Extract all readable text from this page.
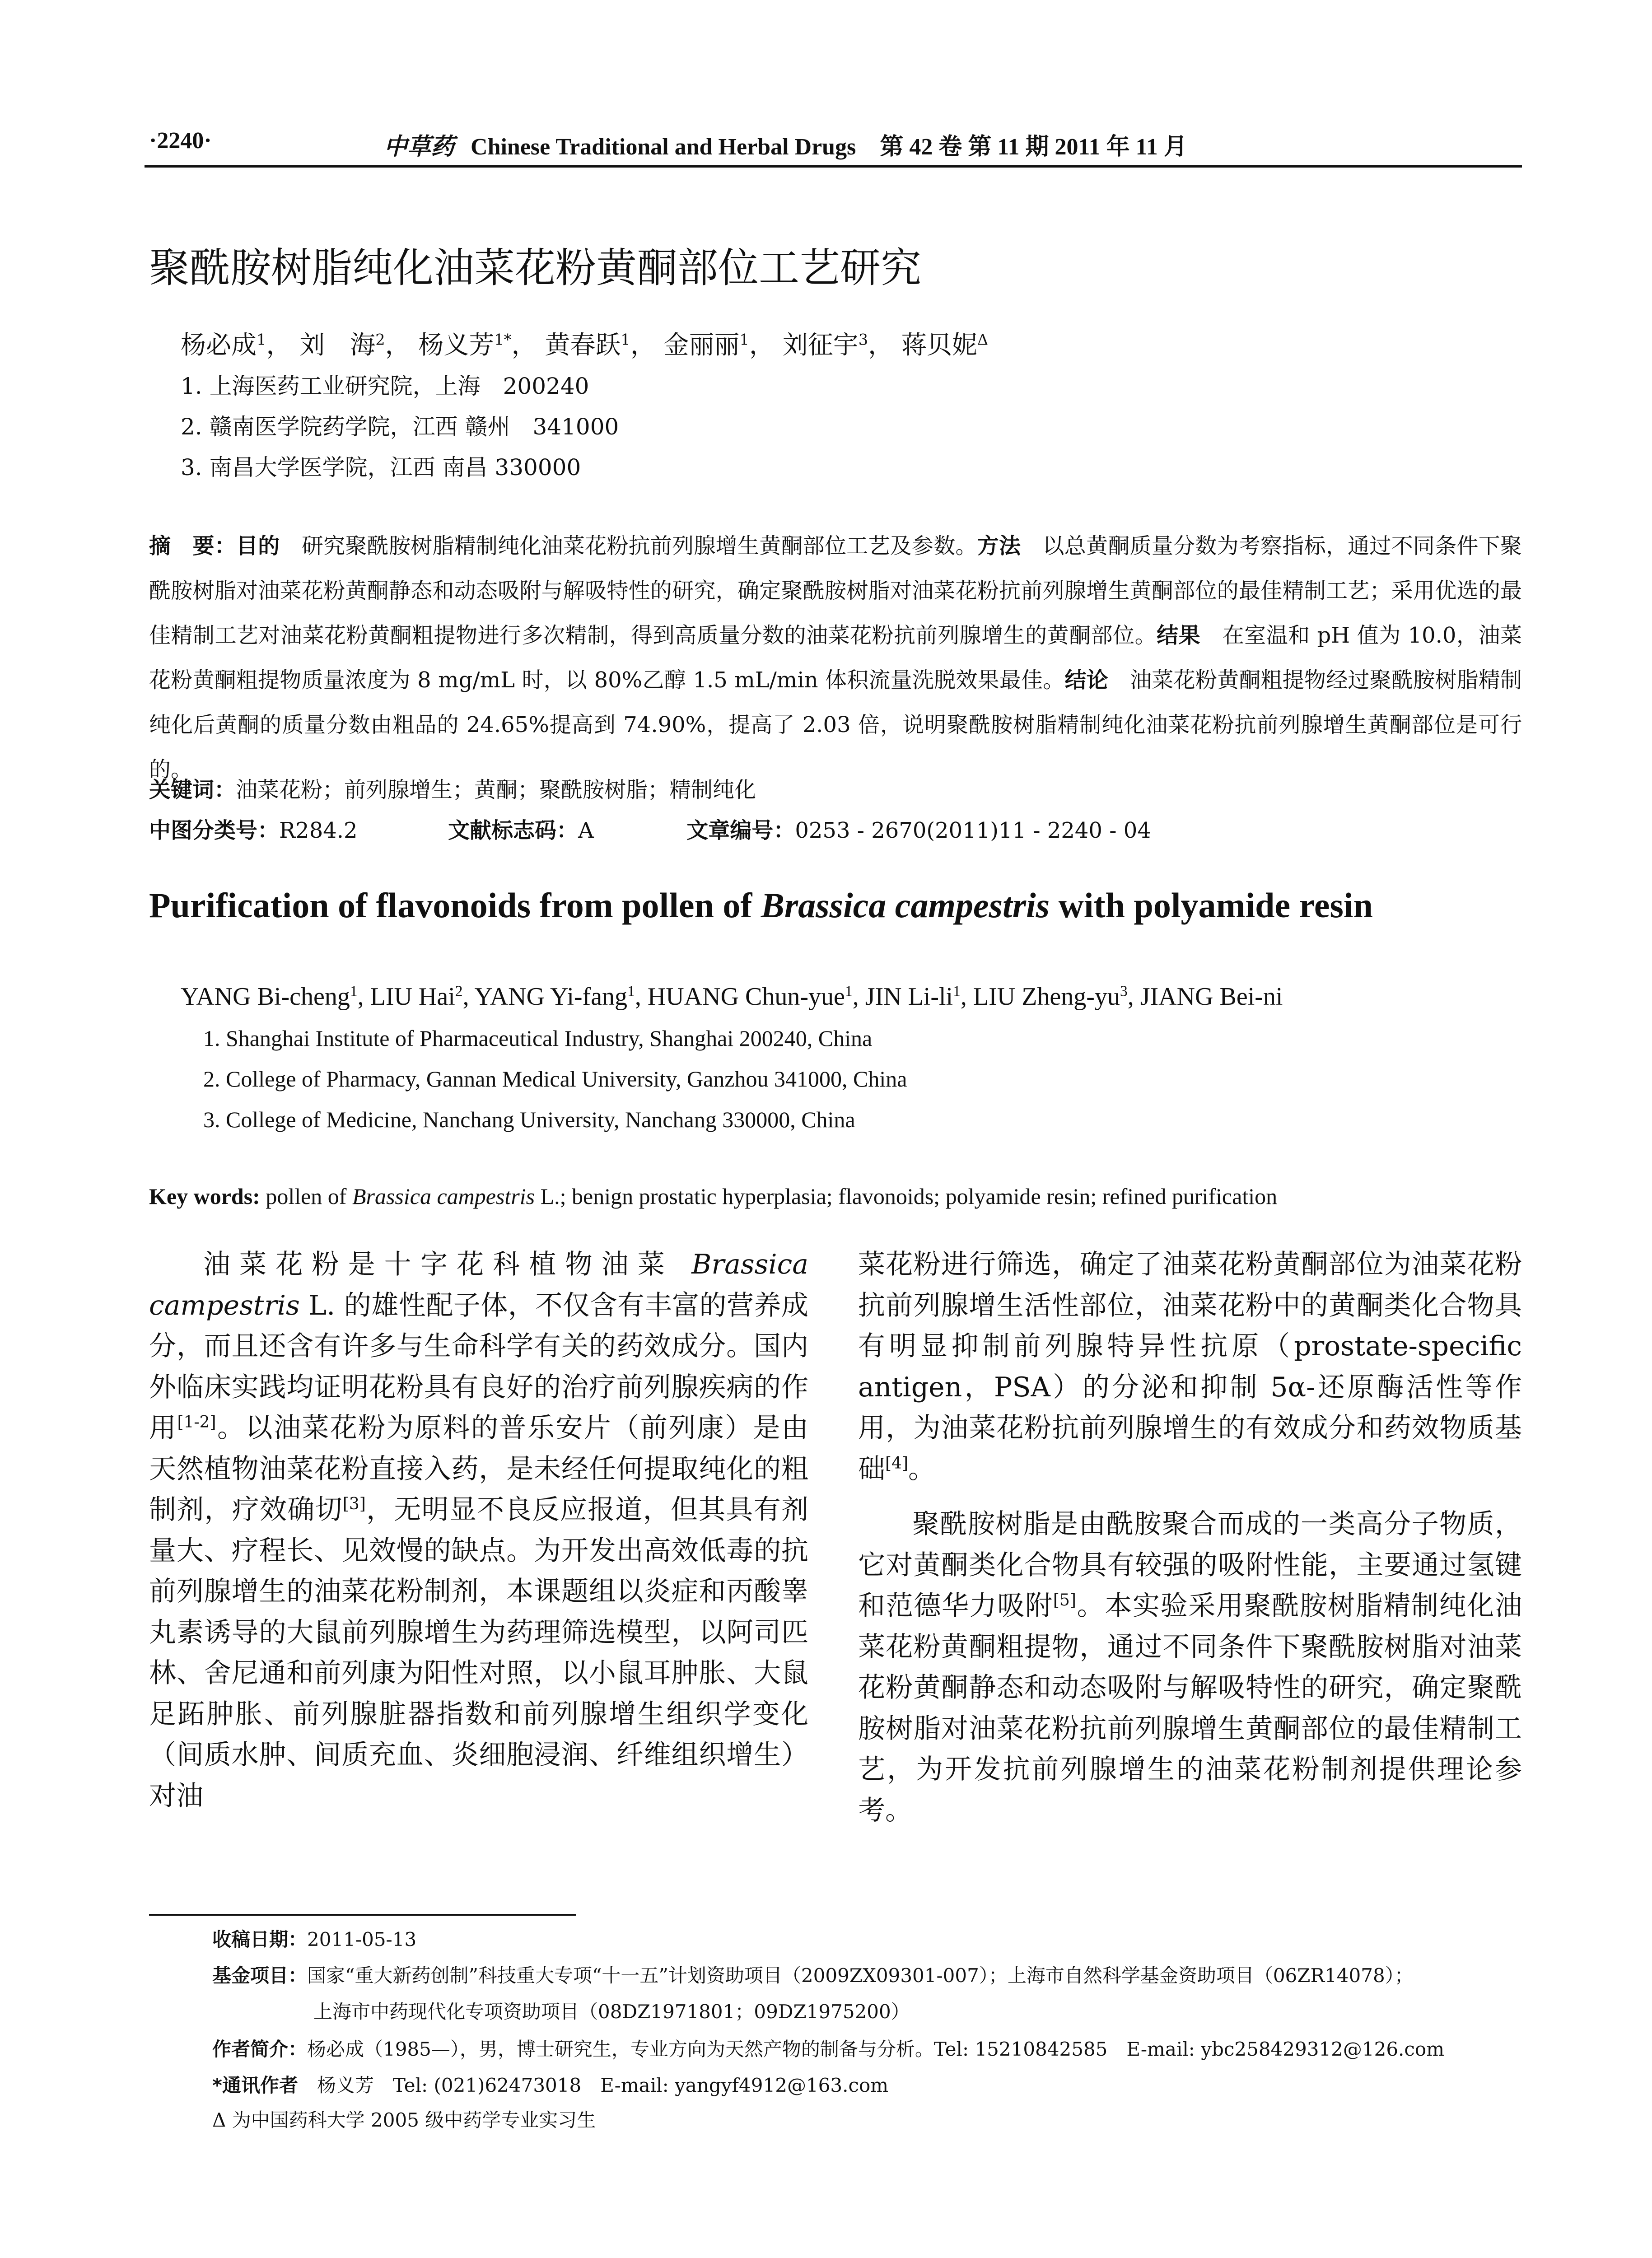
·2240·	中草药 Chinese Traditional and Herbal Drugs 第 42 卷 第 11 期 2011 年 11 月
聚酰胺树脂纯化油菜花粉黄酮部位工艺研究
杨必成$^1$， 刘　海$^2$， 杨义芳$^{1*}$， 黄春跃$^1$， 金丽丽$^1$， 刘征宇$^3$， 蒋贝妮$^\Delta$
1. 上海医药工业研究院，上海　200240
2. 赣南医学院药学院，江西 赣州　341000
3. 南昌大学医学院，江西 南昌 330000
摘　要：目的　 研究聚酰胺树脂精制纯化油菜花粉抗前列腺增生黄酮部位工艺及参数。方法　 以总黄酮质量分数为考察指标，通过不同条件下聚酰胺树脂对油菜花粉黄酮静态和动态吸附与解吸特性的研究，确定聚酰胺树脂对油菜花粉抗前列腺增生黄酮部位的最佳精制工艺；采用优选的最佳精制工艺对油菜花粉黄酮粗提物进行多次精制，得到高质量分数的油菜花粉抗前列腺增生的黄酮部位。结果　 在室温和 pH 值为 10.0，油菜花粉黄酮粗提物质量浓度为 8 mg/mL 时，以 80%乙醇 1.5 mL/min 体积流量洗脱效果最佳。结论　 油菜花粉黄酮粗提物经过聚酰胺树脂精制纯化后黄酮的质量分数由粗品的 24.65%提高到 74.90%，提高了 2.03 倍，说明聚酰胺树脂精制纯化油菜花粉抗前列腺增生黄酮部位是可行的。
关键词：油菜花粉；前列腺增生；黄酮；聚酰胺树脂；精制纯化
中图分类号：R284.2	文献标志码：A	文章编号：0253 - 2670(2011)11 - 2240 - 04
Purification of flavonoids from pollen of Brassica campestris with polyamide resin
YANG Bi-cheng$^1$, LIU Hai$^2$, YANG Yi-fang$^1$, HUANG Chun-yue$^1$, JIN $Li-li^1$, LIU Zheng-$yu^3$, JIANG Bei-ni
1. Shanghai Institute of Pharmaceutical Industry, Shanghai 200240, China
2. College of Pharmacy, Gannan Medical University, Ganzhou 341000, China
3. College of Medicine, Nanchang University, Nanchang 330000, China
Key words: pollen of Brassica campestris L.; benign prostatic hyperplasia; flavonoids; polyamide resin; refined purification

油菜花粉是十字花科植物油菜 Brassica campestris L. 的雄性配子体，不仅含有丰富的营养成分，而且还含有许多与生命科学有关的药效成分。国内外临床实践均证明花粉具有良好的治疗前列腺疾病的作用[1-2]。以油菜花粉为原料的普乐安片（前列康）是由天然植物油菜花粉直接入药，是未经任何提取纯化的粗制剂，疗效确切[3]，无明显不良反应报道，但其具有剂量大、疗程长、见效慢的缺点。为开发出高效低毒的抗前列腺增生的油菜花粉制剂，本课题组以炎症和丙酸睾丸素诱导的大鼠前列腺增生为药理筛选模型，以阿司匹林、舍尼通和前列康为阳性对照，以小鼠耳肿胀、大鼠足跖肿胀、前列腺脏器指数和前列腺增生组织学变化（间质水肿、间质充血、炎细胞浸润、纤维组织增生）对油

菜花粉进行筛选，确定了油菜花粉黄酮部位为油菜花粉抗前列腺增生活性部位，油菜花粉中的黄酮类化合物具有明显抑制前列腺特异性抗原（prostate-specific antigen，PSA）的分泌和抑制 5α-还原酶活性等作用，为油菜花粉抗前列腺增生的有效成分和药效物质基础[4]。

聚酰胺树脂是由酰胺聚合而成的一类高分子物质，它对黄酮类化合物具有较强的吸附性能，主要通过氢键和范德华力吸附[5]。本实验采用聚酰胺树脂精制纯化油菜花粉黄酮粗提物，通过不同条件下聚酰胺树脂对油菜花粉黄酮静态和动态吸附与解吸特性的研究，确定聚酰胺树脂对油菜花粉抗前列腺增生黄酮部位的最佳精制工艺，为开发抗前列腺增生的油菜花粉制剂提供理论参考。

收稿日期：2011-05-13
基金项目：国家“重大新药创制”科技重大专项“十一五”计划资助项目（2009ZX09301-007）；上海市自然科学基金资助项目（06ZR14078）；
上海市中药现代化专项资助项目（08DZ1971801；09DZ1975200）
作者简介：杨必成（1985—），男，博士研究生，专业方向为天然产物的制备与分析。Tel: 15210842585　E-mail: ybc258429312@126.com
*通讯作者　杨义芳　Tel: (021)62473018　E-mail: yangyf4912@163.com
Δ 为中国药科大学 2005 级中药学专业实习生
